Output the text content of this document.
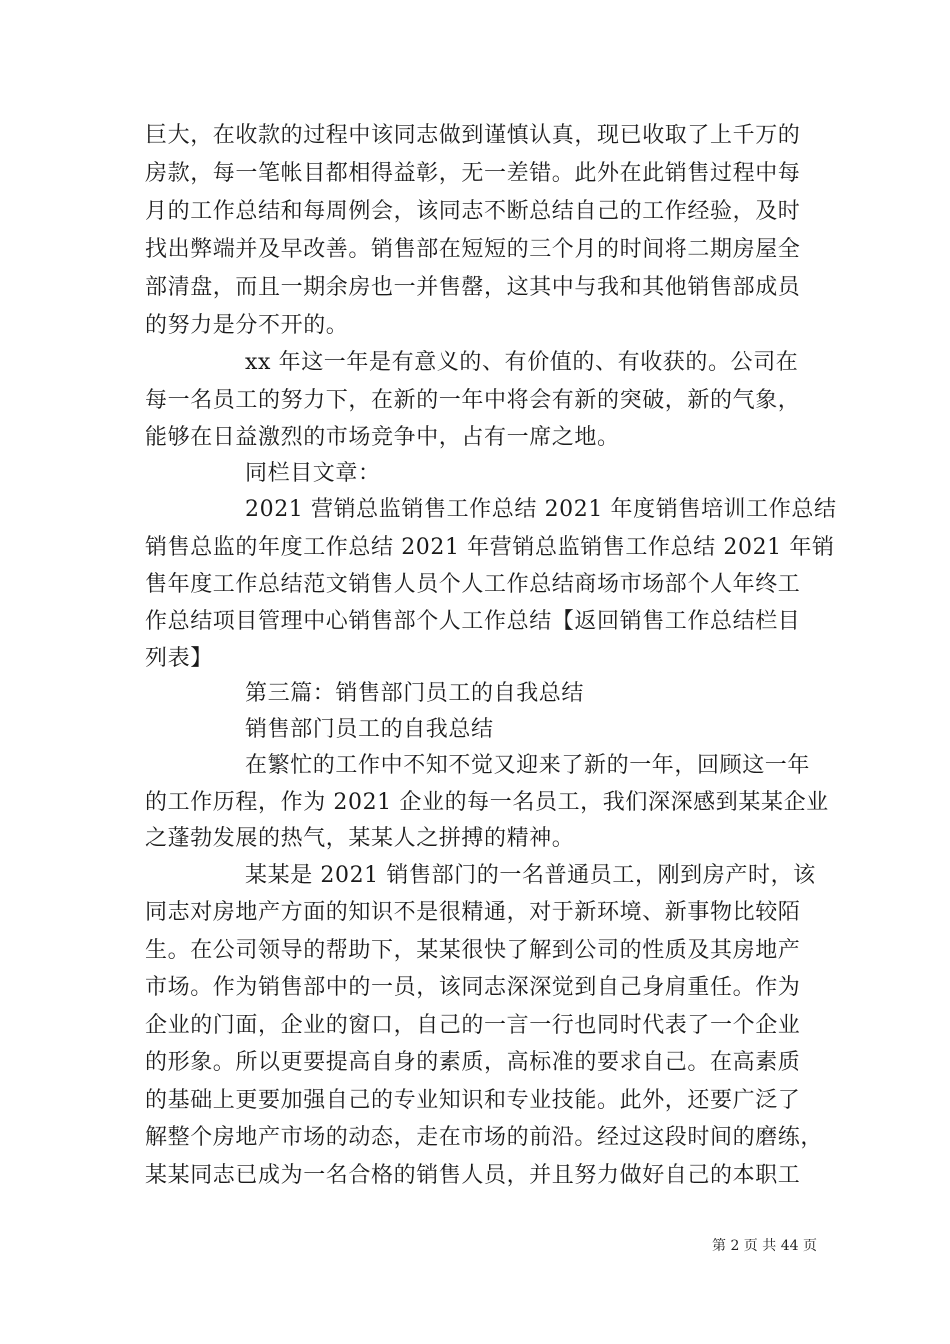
巨大，在收款的过程中该同志做到谨慎认真，现已收取了上千万的
房款，每一笔帐目都相得益彰，无一差错。此外在此销售过程中每
月的工作总结和每周例会，该同志不断总结自己的工作经验，及时
找出弊端并及早改善。销售部在短短的三个月的时间将二期房屋全
部清盘，而且一期余房也一并售罄，这其中与我和其他销售部成员
的努力是分不开的。
xx 年这一年是有意义的、有价值的、有收获的。公司在
每一名员工的努力下，在新的一年中将会有新的突破，新的气象，
能够在日益激烈的市场竞争中，占有一席之地。
同栏目文章：
2021 营销总监销售工作总结 2021 年度销售培训工作总结
销售总监的年度工作总结 2021 年营销总监销售工作总结 2021 年销
售年度工作总结范文销售人员个人工作总结商场市场部个人年终工
作总结项目管理中心销售部个人工作总结【返回销售工作总结栏目
列表】
第三篇：销售部门员工的自我总结
销售部门员工的自我总结
在繁忙的工作中不知不觉又迎来了新的一年，回顾这一年
的工作历程，作为 2021 企业的每一名员工，我们深深感到某某企业
之蓬勃发展的热气，某某人之拼搏的精神。
某某是 2021 销售部门的一名普通员工，刚到房产时，该
同志对房地产方面的知识不是很精通，对于新环境、新事物比较陌
生。在公司领导的帮助下，某某很快了解到公司的性质及其房地产
市场。作为销售部中的一员，该同志深深觉到自己身肩重任。作为
企业的门面，企业的窗口，自己的一言一行也同时代表了一个企业
的形象。所以更要提高自身的素质，高标准的要求自己。在高素质
的基础上更要加强自己的专业知识和专业技能。此外，还要广泛了
解整个房地产市场的动态，走在市场的前沿。经过这段时间的磨练，
某某同志已成为一名合格的销售人员，并且努力做好自己的本职工
第 2 页 共 44 页
